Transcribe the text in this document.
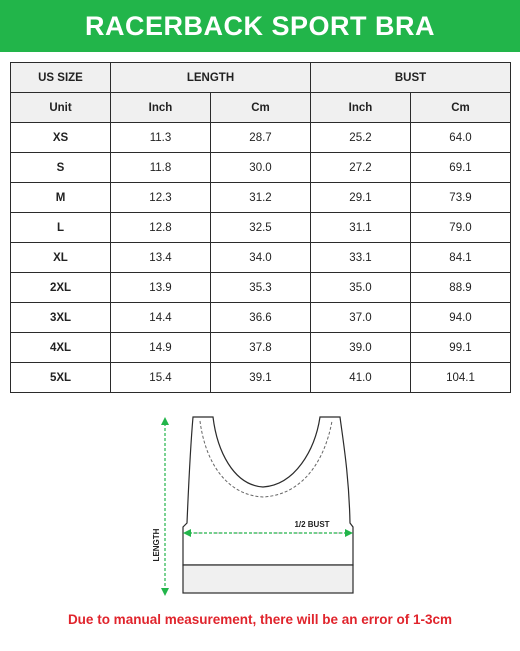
RACERBACK SPORT BRA
US SIZE	LENGTH		BUST	
Unit	Inch	Cm	Inch	Cm
XS	11.3	28.7	25.2	64.0
S	11.8	30.0	27.2	69.1
M	12.3	31.2	29.1	73.9
L	12.8	32.5	31.1	79.0
XL	13.4	34.0	33.1	84.1
2XL	13.9	35.3	35.0	88.9
3XL	14.4	36.6	37.0	94.0
4XL	14.9	37.8	39.0	99.1
5XL	15.4	39.1	41.0	104.1
LENGTH
1/2 BUST
Due to manual measurement, there will be an error of 1-3cm
